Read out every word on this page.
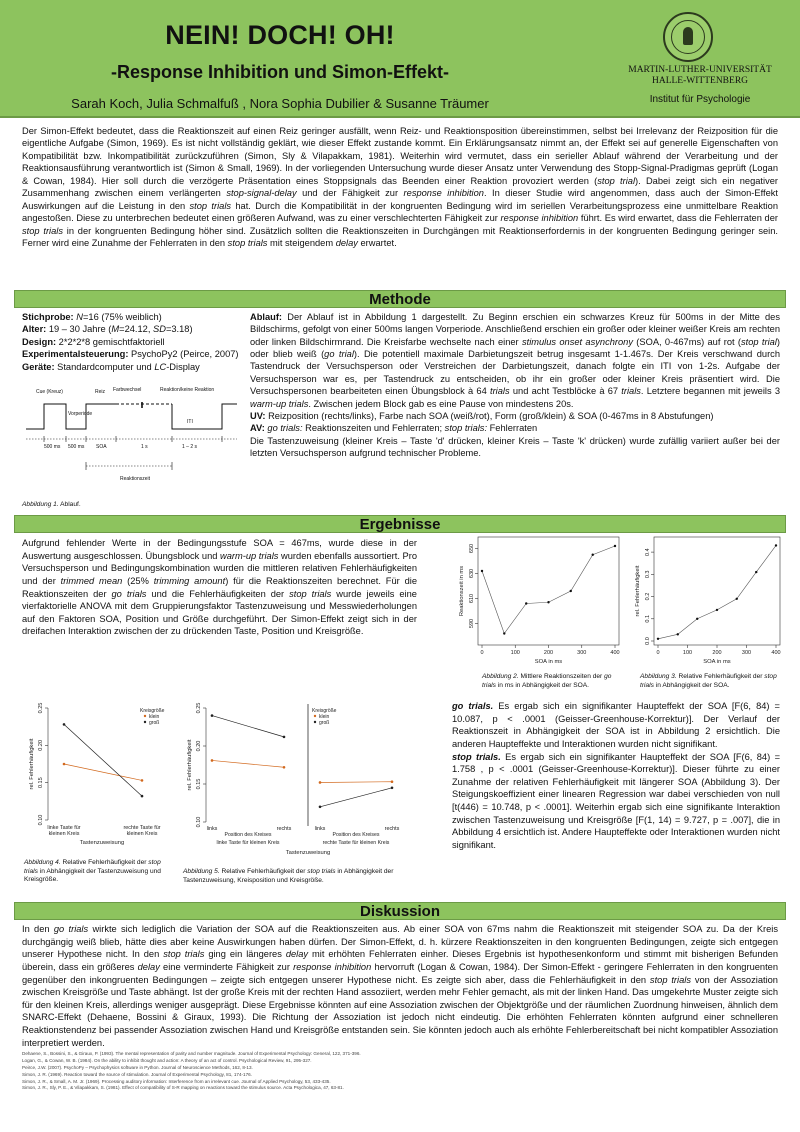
NEIN! DOCH! OH!
-Response Inhibition und Simon-Effekt-
Sarah Koch, Julia Schmalfuß , Nora Sophia Dubilier & Susanne Träumer
MARTIN-LUTHER-UNIVERSITÄT
HALLE-WITTENBERG
Institut für Psychologie
Der Simon-Effekt bedeutet, dass die Reaktionszeit auf einen Reiz geringer ausfällt, wenn Reiz- und Reaktionsposition übereinstimmen, selbst bei Irrelevanz der Reizposition für die eigentliche Aufgabe (Simon, 1969). Es ist nicht vollständig geklärt, wie dieser Effekt zustande kommt. Ein Erklärungsansatz nimmt an, der Effekt sei auf generelle Eigenschaften von Kompatibilität bzw. Inkompatibilität zurückzuführen (Simon, Sly & Vilapakkam, 1981). Weiterhin wird vermutet, dass ein serieller Ablauf während der Verarbeitung und der Reaktionsausführung verantwortlich ist (Simon & Small, 1969). In der vorliegenden Untersuchung wurde dieser Ansatz unter Verwendung des Stopp-Signal-Pradigmas geprüft (Logan & Cowan, 1984). Hier soll durch die verzögerte Präsentation eines Stoppsignals das Beenden einer Reaktion provoziert werden (stop trial). Dabei zeigt sich ein negativer Zusammenhang zwischen einem verlängerten stop-signal-delay und der Fähigkeit zur response inhibition. In dieser Studie wird angenommen, dass auch der Simon-Effekt Auswirkungen auf die Leistung in den stop trials hat. Durch die Kompatibilität in der kongruenten Bedingung wird im seriellen Verarbeitungsprozess eine unmittelbare Reaktion angestoßen. Diese zu unterbrechen bedeutet einen größeren Aufwand, was zu einer verschlechterten Fähigkeit zur response inhibition führt. Es wird erwartet, dass die Fehlerraten der stop trials in der kongruenten Bedingung höher sind. Zusätzlich sollten die Reaktionszeiten in Durchgängen mit Reaktionserfordernis in der kongruenten Bedingung geringer sein. Ferner wird eine Zunahme der Fehlerraten in den stop trials mit steigendem delay erwartet.
Methode
Stichprobe: N=16 (75% weiblich)
Alter: 19 – 30 Jahre (M=24.12, SD=3.18)
Design: 2*2*2*8 gemischtfaktoriell
Experimentalsteuerung: PsychoPy2 (Peirce, 2007)
Geräte: Standardcomputer und LC-Display
Cue (Kreuz)	Reiz Farbwechsel	Reaktion/keine Reaktion
Vorperiode
ITI
500 ms 500 ms SOA	1 s	1 – 2 s
Reaktionszeit
Abbildung 1. Ablauf.
Ablauf: Der Ablauf ist in Abbildung 1 dargestellt. Zu Beginn erschien ein schwarzes Kreuz für 500ms in der Mitte des Bildschirms, gefolgt von einer 500ms langen Vorperiode. Anschließend erschien ein großer oder kleiner weißer Kreis am rechten oder linken Bildschirmrand. Die Kreisfarbe wechselte nach einer stimulus onset asynchrony (SOA, 0-467ms) auf rot (stop trial) oder blieb weiß (go trial). Die potentiell maximale Darbietungszeit betrug insgesamt 1-1.467s. Der Kreis verschwand durch Tastendruck der Versuchsperson oder Verstreichen der Darbietungszeit, danach folgte ein ITI von 1-2s. Aufgabe der Versuchsperson war es, per Tastendruck zu entscheiden, ob ihr ein großer oder kleiner Kreis präsentiert wird. Die Versuchspersonen bearbeiteten einen Übungsblock à 64 trials und acht Testblöcke à 67 trials. Letztere begannen mit jeweils 3 warm-up trials. Zwischen jedem Block gab es eine Pause von mindestens 20s.
UV: Reizposition (rechts/links), Farbe nach SOA (weiß/rot), Form (groß/klein) & SOA (0-467ms in 8 Abstufungen)
AV: go trials: Reaktionszeiten und Fehlerraten; stop trials: Fehlerraten
Die Tastenzuweisung (kleiner Kreis – Taste 'd' drücken, kleiner Kreis – Taste 'k' drücken) wurde zufällig variiert außer bei der letzten Versuchsperson aufgrund technischer Probleme.
Ergebnisse
Aufgrund fehlender Werte in der Bedingungsstufe SOA = 467ms, wurde diese in der Auswertung ausgeschlossen. Übungsblock und warm-up trials wurden ebenfalls aussortiert. Pro Versuchsperson und Bedingungskombination wurden die mittleren relativen Fehlerhäufigkeiten und der trimmed mean (25% trimming amount) für die Reaktionszeiten berechnet. Für die Reaktionszeiten der go trials und die Fehlerhäufigkeiten der stop trials wurde jeweils eine vierfaktorielle ANOVA mit dem Gruppierungsfaktor Tastenzuweisung und Messwiederholungen auf den Faktoren SOA, Position und Größe durchgeführt. Der Simon-Effekt zeigt sich in der dreifachen Interaktion zwischen der zu drückenden Taste, Position und Kreisgröße.
0	100	200	300	400
590
610
630
650
SOA in ms
Reaktionszeit in ms
Abbildung 2. Mittlere Reaktionszeiten der go trials in ms in Abhängigkeit der SOA.
0	100	200	300	400
0.0
0.1
0.2
0.3
0.4
SOA in ms
rel. Fehlerhäufigkeit
Abbildung 3. Relative Fehlerhäufigkeit der stop trials in Abhängigkeit der SOA.
0.10
0.15
0.20
0.25
rel. Fehlerhäufigkeit
linke Taste für
kleinen Kreis
rechte Taste für
kleinen Kreis
Tastenzuweisung
Kreisgröße
klein
groß
Abbildung 4. Relative Fehlerhäufigkeit der stop trials in Abhängigkeit der Tastenzuweisung und Kreisgröße.
0.10
0.15
0.20
0.25
rel. Fehlerhäufigkeit
links	rechts
Position des Kreises
linke Taste für kleinen Kreis
links	rechts
Position des Kreises
rechte Taste für kleinen Kreis
Kreisgröße
klein
groß
Tastenzuweisung
Abbildung 5. Relative Fehlerhäufigkeit der stop trials in Abhängigkeit der Tastenzuweisung, Kreisposition und Kreisgröße.
go trials. Es ergab sich ein signifikanter Haupteffekt der SOA [F(6, 84) = 10.087, p < .0001 (Geisser-Greenhouse-Korrektur)]. Der Verlauf der Reaktionszeit in Abhängigkeit der SOA ist in Abbildung 2 ersichtlich. Die anderen Haupteffekte und Interaktionen wurden nicht signifikant.
stop trials. Es ergab sich ein signifikanter Haupteffekt der SOA [F(6, 84) = 1.758 , p < .0001 (Geisser-Greenhouse-Korrektur)]. Dieser führte zu einer Zunahme der relativen Fehlerhäufigkeit mit längerer SOA (Abbildung 3). Der Steigungskoeffizient einer linearen Regression war dabei verschieden von null [t(446) = 10.748, p < .0001]. Weiterhin ergab sich eine signifikante Interaktion zwischen Tastenzuweisung und Kreisgröße [F(1, 14) = 9.727, p = .007], die in Abbildung 4 ersichtlich ist. Andere Haupteffekte oder Interaktionen wurden nicht signifikant.
Diskussion
In den go trials wirkte sich lediglich die Variation der SOA auf die Reaktionszeiten aus. Ab einer SOA von 67ms nahm die Reaktionszeit mit steigender SOA zu. Da der Kreis durchgängig weiß blieb, hätte dies aber keine Auswirkungen haben dürfen. Der Simon-Effekt, d. h. kürzere Reaktionszeiten in den kongruenten Bedingungen, zeigte sich entgegen unserer Hypothese nicht. In den stop trials ging ein längeres delay mit erhöhten Fehlerraten einher. Dieses Ergebnis ist hypothesenkonform und stimmt mit bisherigen Befunden überein, dass ein größeres delay eine verminderte Fähigkeit zur response inhibition hervorruft (Logan & Cowan, 1984). Der Simon-Effekt - geringere Fehlerraten in den kongruenten gegenüber den inkongruenten Bedingungen – zeigte sich entgegen unserer Hypothese nicht. Es zeigte sich aber, dass die Fehlerhäufigkeit in den stop trials von der Assoziation zwischen Kreisgröße und Taste abhängt. Ist der große Kreis mit der rechten Hand assoziiert, werden mehr Fehler gemacht, als mit der linken Hand. Das umgekehrte Muster zeigte sich für den kleinen Kreis, allerdings weniger ausgeprägt. Diese Ergebnisse könnten auf eine Assoziation zwischen der Objektgröße und der räumlichen Zuordnung hinweisen, ähnlich dem SNARC-Effekt (Dehaene, Bossini & Giraux, 1993). Die Richtung der Assoziation ist jedoch nicht eindeutig. Die erhöhten Fehlerraten könnten aufgrund einer schnelleren Reaktionstendenz bei passender Assoziation zwischen Hand und Kreisgröße entstanden sein. Sie könnten jedoch auch als erhöhte Fehlerbereitschaft bei nicht kompatibler Assoziation interpretiert werden.
Dehaene, S., Bossini, S., & Giraux, P. (1993). The mental representation of parity and number magnitude. Journal of Experimental Psychology: General, 122, 371-396.
Logan, G., & Cowan, W. B. (1984). On the ability to inhibit thought and action: A theory of an act of control. Psychological Review, 91, 295-327.
Peirce, J.W. (2007). PsychoPy – Psychophysics software in Python. Journal of Neuroscience Methods, 162, 8-13.
Simon, J. R. (1969). Reaction toward the source of stimulation. Journal of Experimental Psychology, 81, 174-176.
Simon, J. R., & Small, A. M. Jr. (1969). Processing auditory information: Interference from an irrelevant cue. Journal of Applied Psychology, 53, 433-435.
Simon, J. R., Sly, P. E., & Vilapakkam, S. (1981). Effect of compatibility of S-R mapping on reactions toward the stimulus source. Acta Psychologica, 47, 63-81.
